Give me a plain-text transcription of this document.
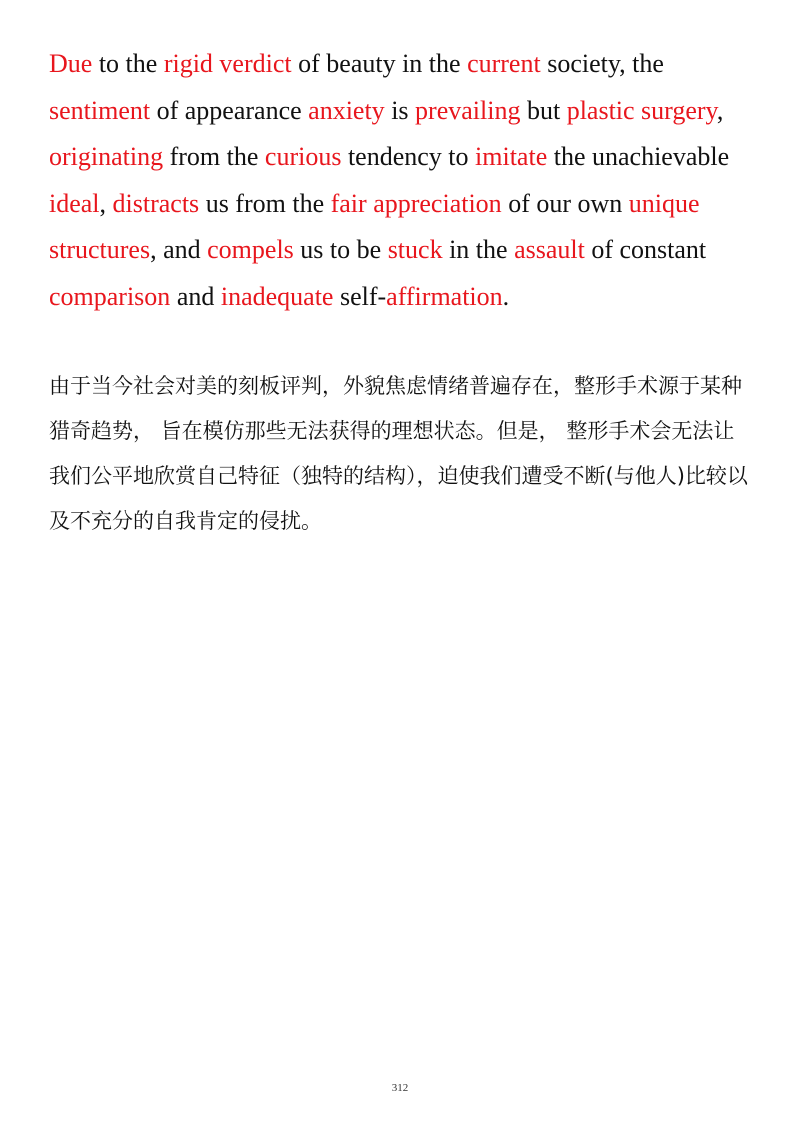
Due to the rigid verdict of beauty in the current society, the sentiment of appearance anxiety is prevailing but plastic surgery, originating from the curious tendency to imitate the unachievable ideal, distracts us from the fair appreciation of our own unique structures, and compels us to be stuck in the assault of constant comparison and inadequate self-affirmation.

由于当今社会对美的刻板评判，外貌焦虑情绪普遍存在，整形手术源于某种
猎奇趋势， 旨在模仿那些无法获得的理想状态。但是， 整形手术会无法让
我们公平地欣赏自己特征（独特的结构），迫使我们遭受不断(与他人)比较以
及不充分的自我肯定的侵扰。
312
